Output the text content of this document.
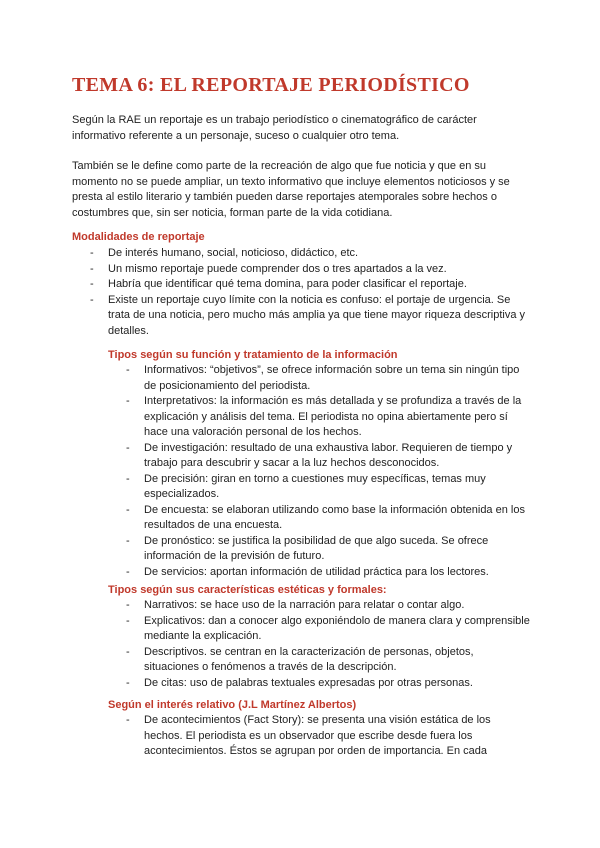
TEMA 6: EL REPORTAJE PERIODÍSTICO

Según la RAE un reportaje es un trabajo periodístico o cinematográfico de carácter informativo referente a un personaje, suceso o cualquier otro tema.

También se le define como parte de la recreación de algo que fue noticia y que en su momento no se puede ampliar, un texto informativo que incluye elementos noticiosos y se presta al estilo literario y también pueden darse reportajes atemporales sobre hechos o costumbres que, sin ser noticia, forman parte de la vida cotidiana.

Modalidades de reportaje
- De interés humano, social, noticioso, didáctico, etc.
- Un mismo reportaje puede comprender dos o tres apartados a la vez.
- Habría que identificar qué tema domina, para poder clasificar el reportaje.
- Existe un reportaje cuyo límite con la noticia es confuso: el portaje de urgencia. Se trata de una noticia, pero mucho más amplia ya que tiene mayor riqueza descriptiva y detalles.
Tipos según su función y tratamiento de la información
- Informativos: “objetivos”, se ofrece información sobre un tema sin ningún tipo de posicionamiento del periodista.
- Interpretativos: la información es más detallada y se profundiza a través de la explicación y análisis del tema. El periodista no opina abiertamente pero sí hace una valoración personal de los hechos.
- De investigación: resultado de una exhaustiva labor. Requieren de tiempo y trabajo para descubrir y sacar a la luz hechos desconocidos.
- De precisión: giran en torno a cuestiones muy específicas, temas muy especializados.
- De encuesta: se elaboran utilizando como base la información obtenida en los resultados de una encuesta.
- De pronóstico: se justifica la posibilidad de que algo suceda. Se ofrece información de la previsión de futuro.
- De servicios: aportan información de utilidad práctica para los lectores.
Tipos según sus características estéticas y formales:
- Narrativos: se hace uso de la narración para relatar o contar algo.
- Explicativos: dan a conocer algo exponiéndolo de manera clara y comprensible mediante la explicación.
- Descriptivos. se centran en la caracterización de personas, objetos, situaciones o fenómenos a través de la descripción.
- De citas: uso de palabras textuales expresadas por otras personas.
Según el interés relativo (J.L Martínez Albertos)
- De acontecimientos (Fact Story): se presenta una visión estática de los hechos. El periodista es un observador que escribe desde fuera los acontecimientos. Éstos se agrupan por orden de importancia. En cada
